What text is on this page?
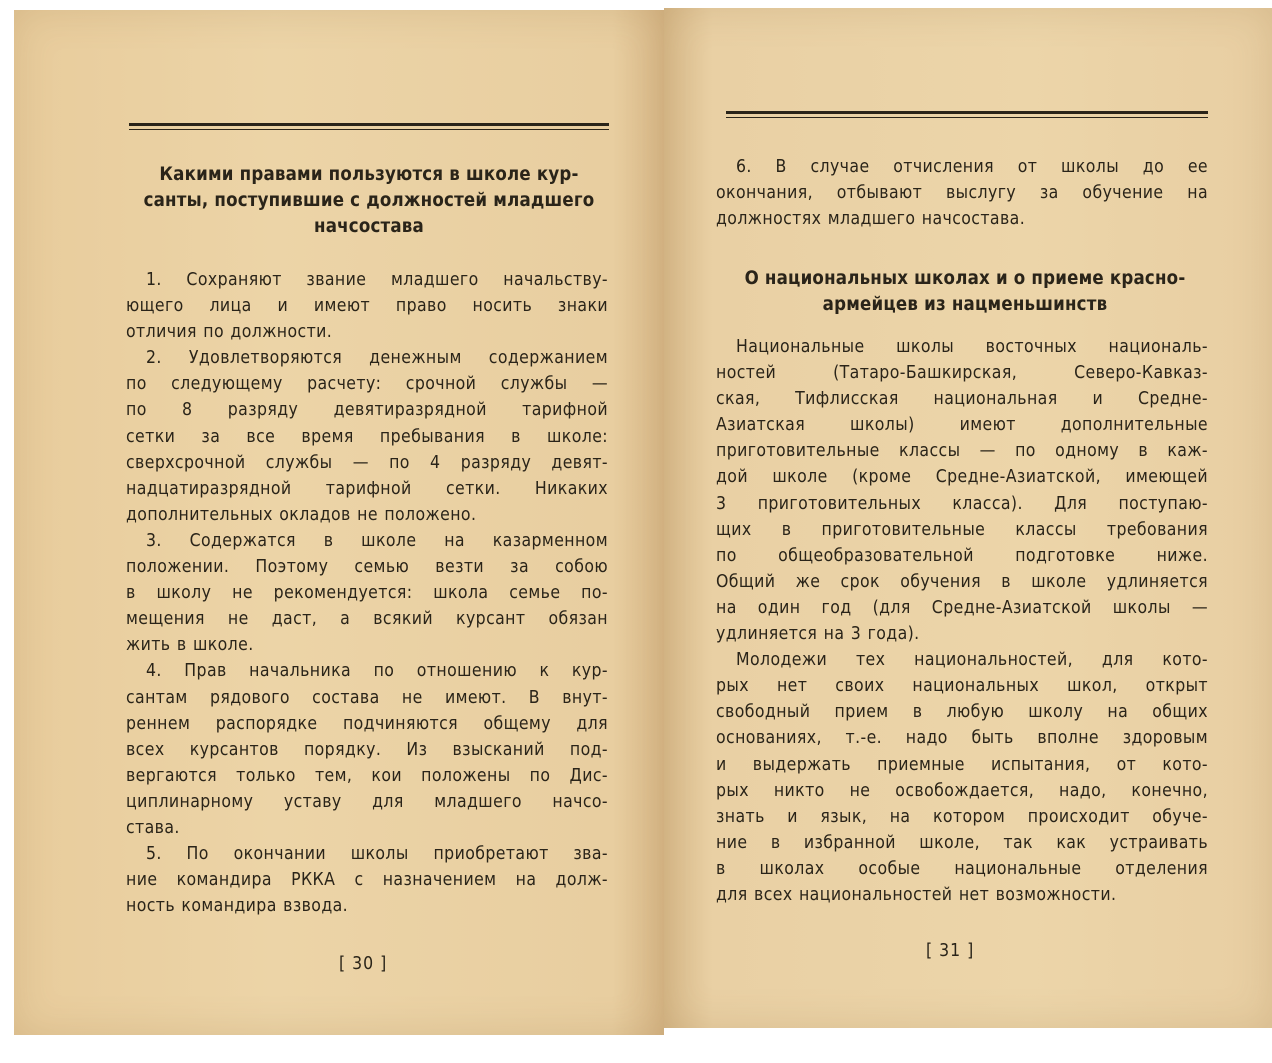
Какими правами пользуются в школе кур-
санты, поступившие с должностей младшего
начсостава
1. Сохраняют звание младшего начальству-
ющего лица и имеют право носить знаки
отличия по должности.
2. Удовлетворяются денежным содержанием
по следующему расчету: срочной службы —
по 8 разряду девятиразрядной тарифной
сетки за все время пребывания в школе:
сверхсрочной службы — по 4 разряду девят-
надцатиразрядной тарифной сетки. Никаких
дополнительных окладов не положено.
3. Содержатся в школе на казарменном
положении. Поэтому семью везти за собою
в школу не рекомендуется: школа семье по-
мещения не даст, а всякий курсант обязан
жить в школе.
4. Прав начальника по отношению к кур-
сантам рядового состава не имеют. В внут-
реннем распорядке подчиняются общему для
всех курсантов порядку. Из взысканий под-
вергаются только тем, кои положены по Дис-
циплинарному уставу для младшего начсо-
става.
5. По окончании школы приобретают зва-
ние командира РККА с назначением на долж-
ность командира взвода.
[ 30 ]
6. В случае отчисления от школы до ее
окончания, отбывают выслугу за обучение на
должностях младшего начсостава.
О национальных школах и о приеме красно-
армейцев из нацменьшинств
Национальные школы восточных националь-
ностей (Татаро-Башкирская, Северо-Кавказ-
ская, Тифлисская национальная и Средне-
Азиатская школы) имеют дополнительные
приготовительные классы — по одному в каж-
дой школе (кроме Средне-Азиатской, имеющей
3 приготовительных класса). Для поступаю-
щих в приготовительные классы требования
по общеобразовательной подготовке ниже.
Общий же срок обучения в школе удлиняется
на один год (для Средне-Азиатской школы —
удлиняется на 3 года).
Молодежи тех национальностей, для кото-
рых нет своих национальных школ, открыт
свободный прием в любую школу на общих
основаниях, т.-е. надо быть вполне здоровым
и выдержать приемные испытания, от кото-
рых никто не освобождается, надо, конечно,
знать и язык, на котором происходит обуче-
ние в избранной школе, так как устраивать
в школах особые национальные отделения
для всех национальностей нет возможности.
[ 31 ]
